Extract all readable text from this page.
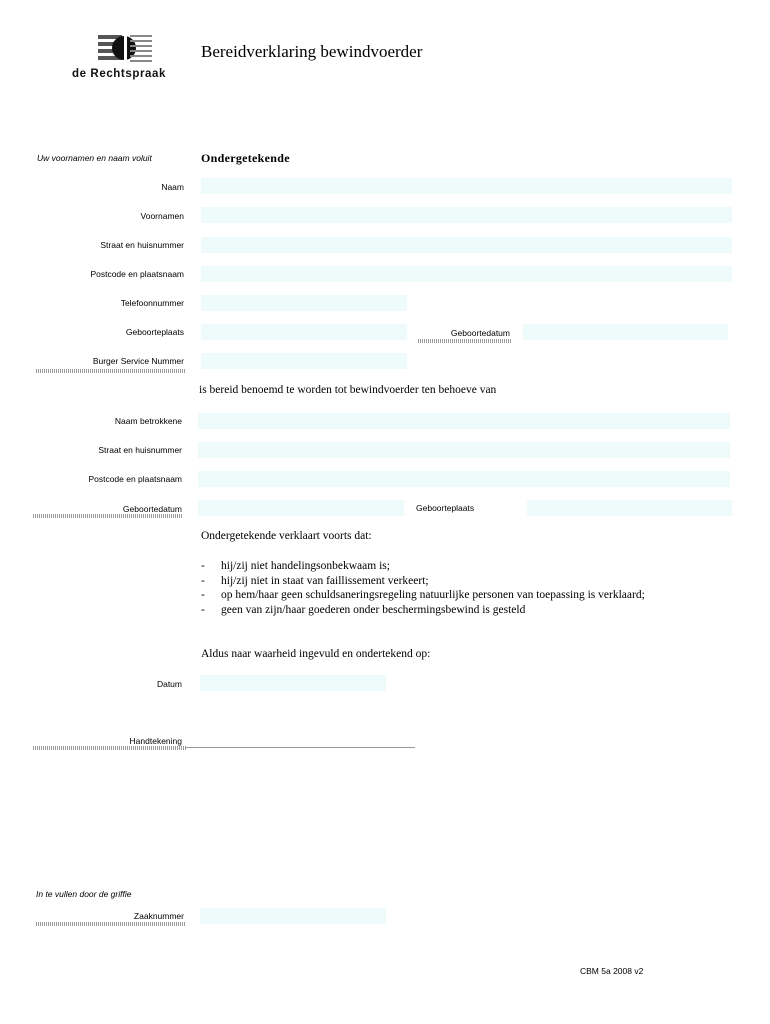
de Rechtspraak
Bereidverklaring bewindvoerder
Uw voornamen en naam voluit	Ondergetekende
Naam
Voornamen
Straat en huisnummer
Postcode en plaatsnaam
Telefoonnummer
Geboorteplaats	Geboortedatum
Burger Service Nummer
is bereid benoemd te worden tot bewindvoerder ten behoeve van
Naam betrokkene
Straat en huisnummer
Postcode en plaatsnaam
Geboortedatum	Geboorteplaats
Ondergetekende verklaart voorts dat:
- hij/zij niet handelingsonbekwaam is;
- hij/zij niet in staat van faillissement verkeert;
- op hem/haar geen schuldsaneringsregeling natuurlijke personen van toepassing is verklaard;
- geen van zijn/haar goederen onder beschermingsbewind is gesteld
Aldus naar waarheid ingevuld en ondertekend op:
Datum
Handtekening
In te vullen door de griffie
Zaaknummer
CBM 5a 2008 v2
